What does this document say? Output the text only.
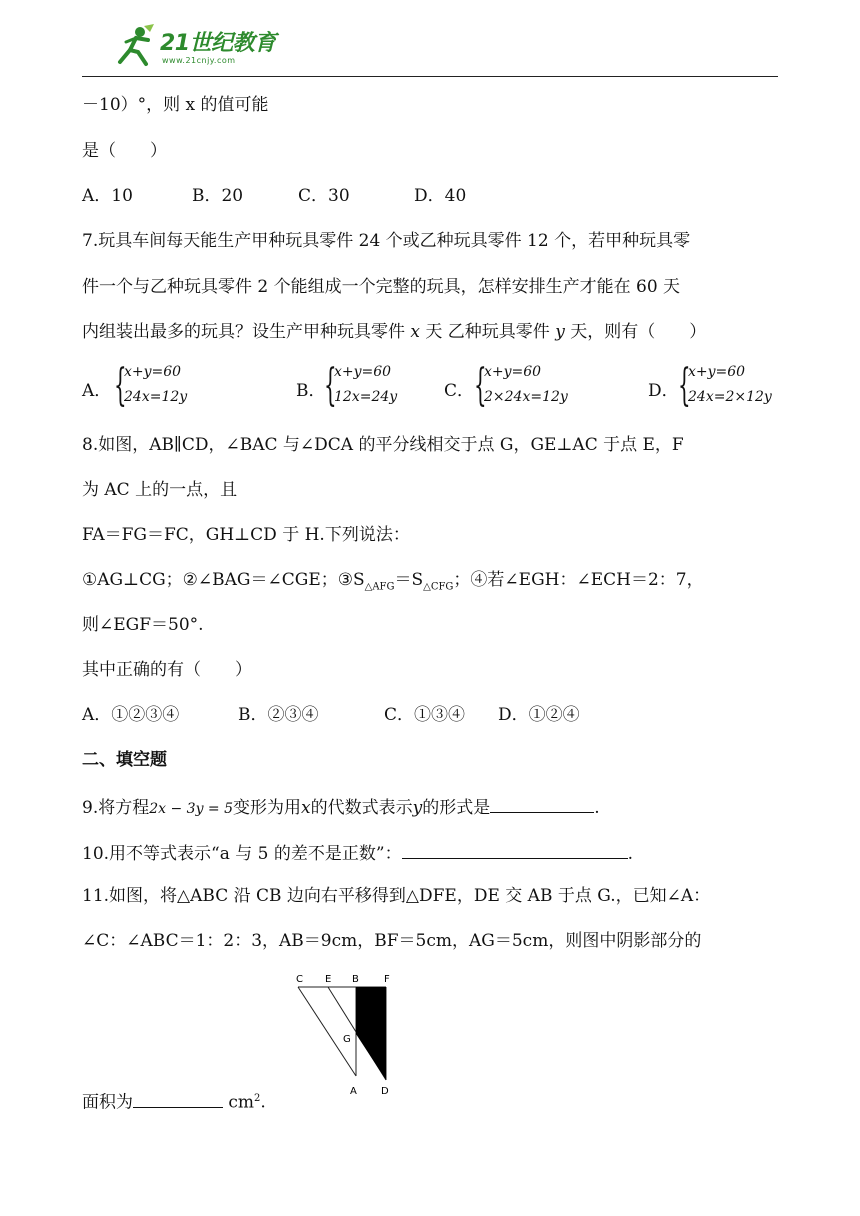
21世纪教育
www.21cnjy.com
－10）°，则 x 的值可能
是（　　）
A．10	B．20	C．30	D．40
7.玩具车间每天能生产甲种玩具零件 24 个或乙种玩具零件 12 个，若甲种玩具零
件一个与乙种玩具零件 2 个能组成一个完整的玩具，怎样安排生产才能在 60 天
内组装出最多的玩具？设生产甲种玩具零件 x 天 乙种玩具零件 y 天，则有（　　）
A． {
x+y=60
24x=12y	B．
{
x+y=60
12x=24y	C． {
x+y=60
2×24x=12y	D． {
x+y=60
24x=2×12y
8.如图，AB∥CD，∠BAC 与∠DCA 的平分线相交于点 G，GE⊥AC 于点 E，F
为 AC 上的一点，且
FA＝FG＝FC，GH⊥CD 于 H.下列说法：
①AG⊥CG；②∠BAG＝∠CGE；$③S_{\triangle AFG}=S_{\triangle CFG}$；④若∠EGH：∠ECH＝2：7，
则∠EGF＝50°.
其中正确的有（　　）
A．①②③④	B．②③④	C．①③④ D．①②④
二、填空题
9.将方程2x − 3y = 5变形为用x的代数式表示y的形式是	.
10.用不等式表示“a 与 5 的差不是正数”：	.
11.如图，将△ABC 沿 CB 边向右平移得到△DFE，DE 交 AB 于点 G.，已知∠A：
∠C：∠ABC＝1：2：3，AB＝9cm，BF＝5cm，AG＝5cm，则图中阴影部分的
面积为	$cm^2$.
C E B	F
G
A D
